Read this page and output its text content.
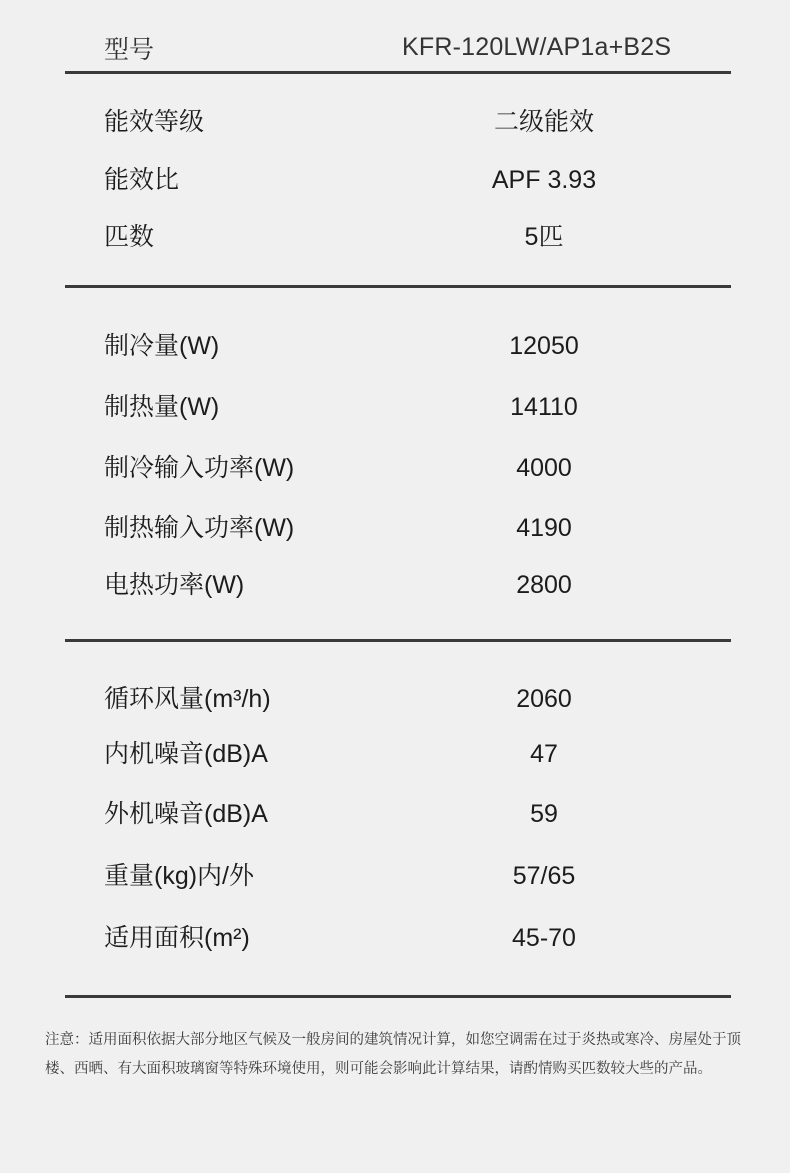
型号	KFR-120LW/AP1a+B2S
能效等级	二级能效
能效比	APF 3.93
匹数	5匹
制冷量(W)	12050
制热量(W)	14110
制冷输入功率(W)	4000
制热输入功率(W)	4190
电热功率(W)	2800
循环风量(m³/h)	2060
内机噪音(dB)A	47
外机噪音(dB)A	59
重量(kg)内/外	57/65
适用面积(m²)	45-70
注意：适用面积依据大部分地区气候及一般房间的建筑情况计算，如您空调需在过于炎热或寒冷、房屋处于顶楼、西晒、有大面积玻璃窗等特殊环境使用，则可能会影响此计算结果，请酌情购买匹数较大些的产品。
